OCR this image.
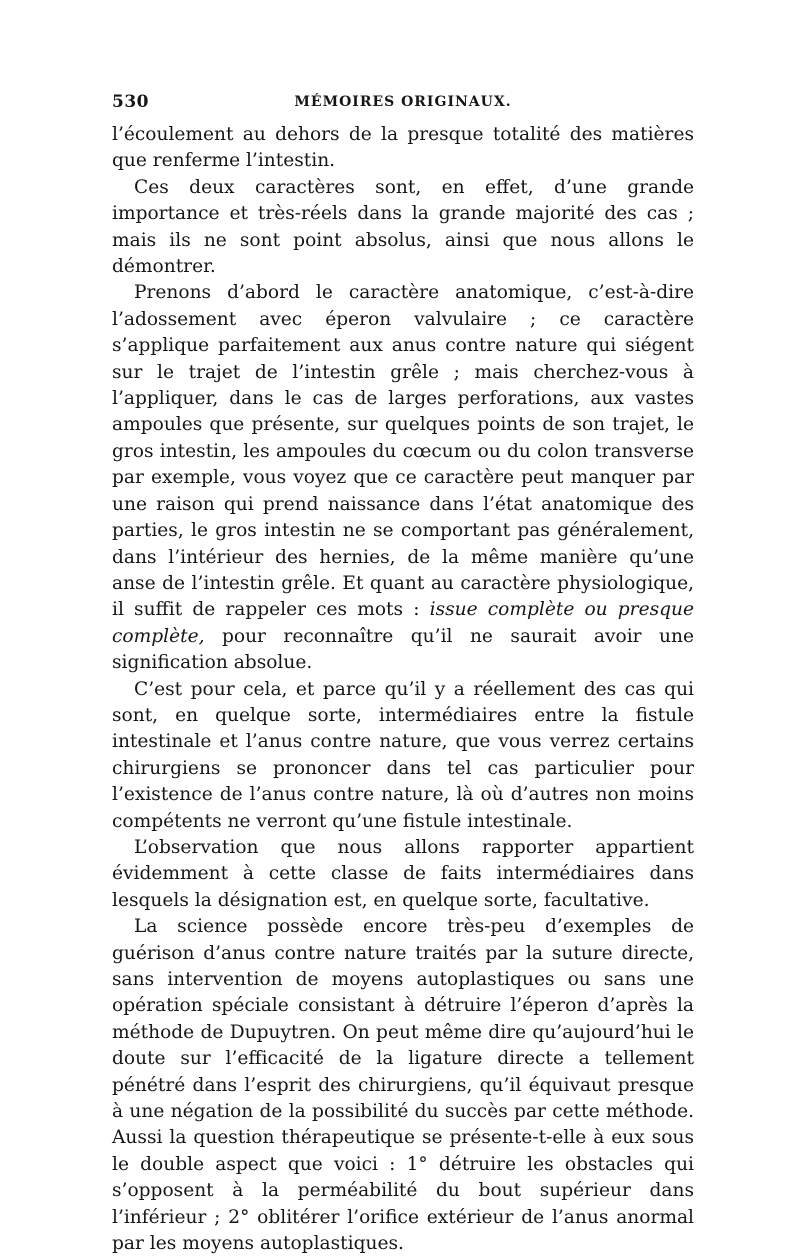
530	MÉMOIRES ORIGINAUX.

l’écoulement au dehors de la presque totalité des matières que renferme l’intestin.

Ces deux caractères sont, en effet, d’une grande importance et très-réels dans la grande majorité des cas ; mais ils ne sont point absolus, ainsi que nous allons le démontrer.

Prenons d’abord le caractère anatomique, c’est-à-dire l’adossement avec éperon valvulaire ; ce caractère s’applique parfaitement aux anus contre nature qui siégent sur le trajet de l’intestin grêle ; mais cherchez-vous à l’appliquer, dans le cas de larges perforations, aux vastes ampoules que présente, sur quelques points de son trajet, le gros intestin, les ampoules du cœcum ou du colon transverse par exemple, vous voyez que ce caractère peut manquer par une raison qui prend naissance dans l’état anatomique des parties, le gros intestin ne se comportant pas généralement, dans l’intérieur des hernies, de la même manière qu’une anse de l’intestin grêle. Et quant au caractère physiologique, il suffit de rappeler ces mots : issue complète ou presque complète, pour reconnaître qu’il ne saurait avoir une signification absolue.

C’est pour cela, et parce qu’il y a réellement des cas qui sont, en quelque sorte, intermédiaires entre la fistule intestinale et l’anus contre nature, que vous verrez certains chirurgiens se prononcer dans tel cas particulier pour l’existence de l’anus contre nature, là où d’autres non moins compétents ne verront qu’une fistule intestinale.

L’observation que nous allons rapporter appartient évidemment à cette classe de faits intermédiaires dans lesquels la désignation est, en quelque sorte, facultative.

La science possède encore très-peu d’exemples de guérison d’anus contre nature traités par la suture directe, sans intervention de moyens autoplastiques ou sans une opération spéciale consistant à détruire l’éperon d’après la méthode de Dupuytren. On peut même dire qu’aujourd’hui le doute sur l’efficacité de la ligature directe a tellement pénétré dans l’esprit des chirurgiens, qu’il équivaut presque à une négation de la possibilité du succès par cette méthode. Aussi la question thérapeutique se présente-t-elle à eux sous le double aspect que voici : 1° détruire les obstacles qui s’opposent à la perméabilité du bout supérieur dans l’inférieur ; 2° oblitérer l’orifice extérieur de l’anus anormal par les moyens autoplastiques.
